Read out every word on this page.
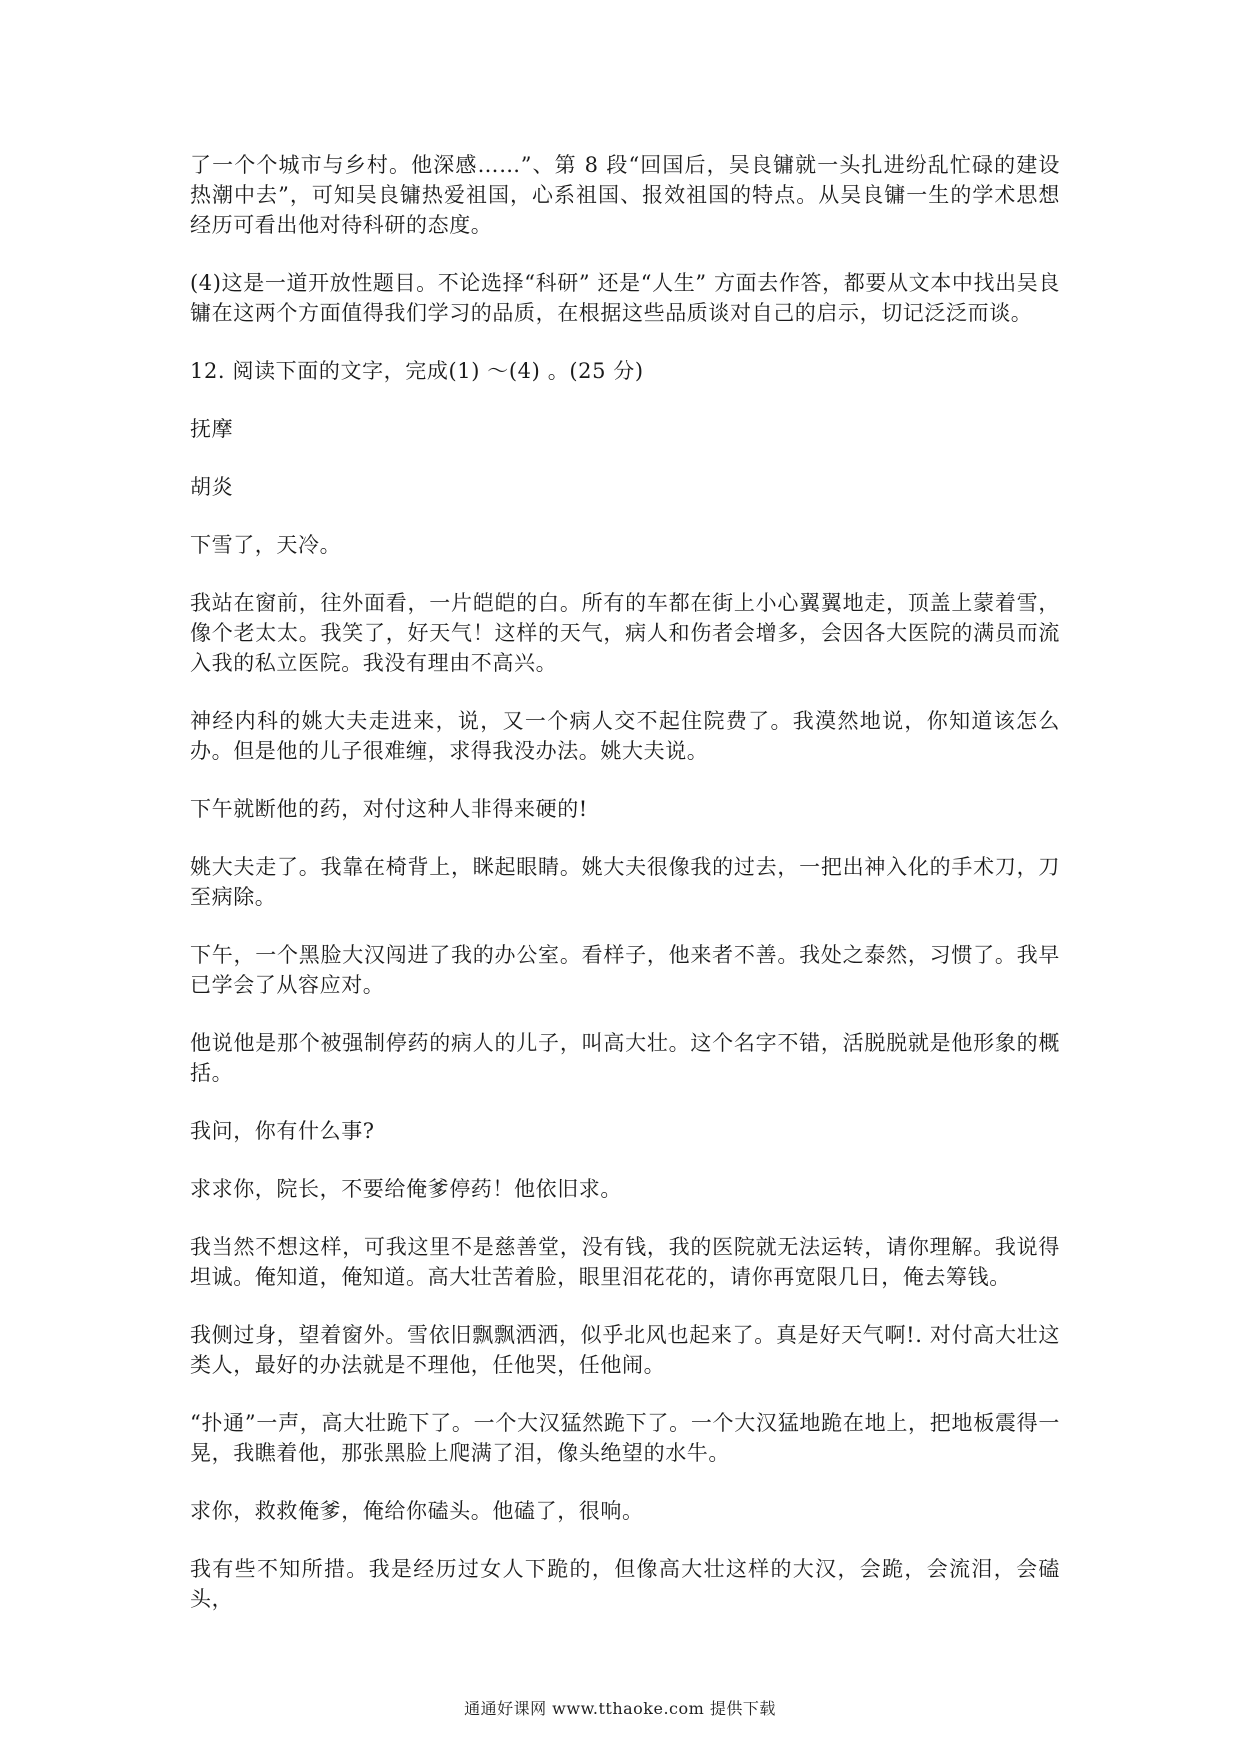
了一个个城市与乡村。他深感……”、第 8 段“回国后，吴良镛就一头扎进纷乱忙碌的建设热潮中去”，可知吴良镛热爱祖国，心系祖国、报效祖国的特点。从吴良镛一生的学术思想经历可看出他对待科研的态度。

(4)这是一道开放性题目。不论选择“科研” 还是“人生” 方面去作答，都要从文本中找出吴良镛在这两个方面值得我们学习的品质，在根据这些品质谈对自己的启示，切记泛泛而谈。

12. 阅读下面的文字，完成(1) ～(4) 。(25 分)

抚摩

胡炎

下雪了，天冷。

我站在窗前，往外面看，一片皑皑的白。所有的车都在街上小心翼翼地走，顶盖上蒙着雪，像个老太太。我笑了，好天气！这样的天气，病人和伤者会增多，会因各大医院的满员而流入我的私立医院。我没有理由不高兴。

神经内科的姚大夫走进来，说，又一个病人交不起住院费了。我漠然地说，你知道该怎么办。但是他的儿子很难缠，求得我没办法。姚大夫说。

下午就断他的药，对付这种人非得来硬的!

姚大夫走了。我靠在椅背上，眯起眼睛。姚大夫很像我的过去，一把出神入化的手术刀，刀至病除。

下午，一个黑脸大汉闯进了我的办公室。看样子，他来者不善。我处之泰然，习惯了。我早已学会了从容应对。

他说他是那个被强制停药的病人的儿子，叫高大壮。这个名字不错，活脱脱就是他形象的概括。

我问，你有什么事?

求求你，院长，不要给俺爹停药！他依旧求。

我当然不想这样，可我这里不是慈善堂，没有钱，我的医院就无法运转，请你理解。我说得坦诚。俺知道，俺知道。高大壮苦着脸，眼里泪花花的，请你再宽限几日，俺去筹钱。

我侧过身，望着窗外。雪依旧飘飘洒洒，似乎北风也起来了。真是好天气啊!. 对付高大壮这类人，最好的办法就是不理他，任他哭，任他闹。

“扑通”一声，高大壮跪下了。一个大汉猛然跪下了。一个大汉猛地跪在地上，把地板震得一晃，我瞧着他，那张黑脸上爬满了泪，像头绝望的水牛。

求你，救救俺爹，俺给你磕头。他磕了，很响。

我有些不知所措。我是经历过女人下跪的，但像高大壮这样的大汉，会跪，会流泪，会磕头，

通通好课网 www.tthaoke.com 提供下载
